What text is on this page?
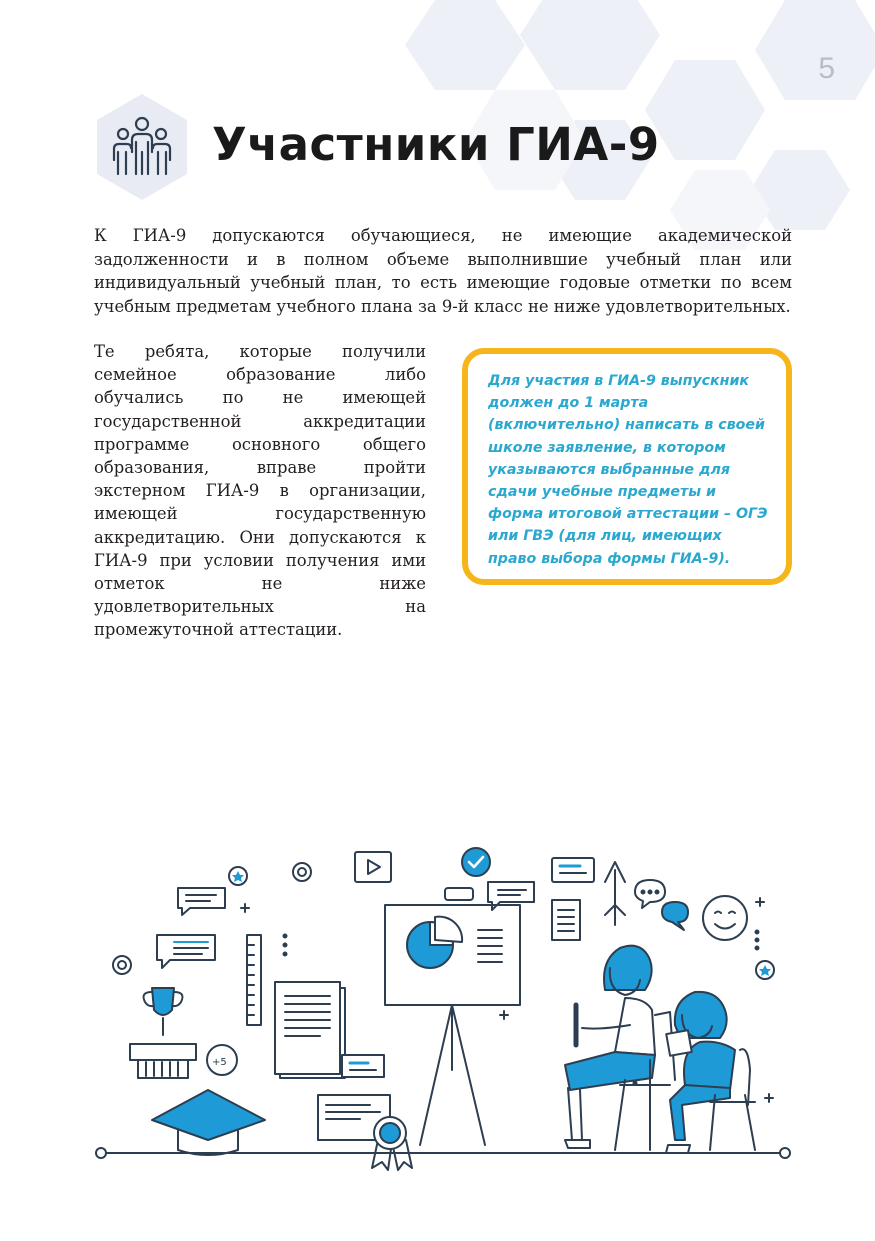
5
Участники ГИА-9

К ГИА-9 допускаются обучающиеся, не имеющие академической задолженности и в полном объеме выполнившие учебный план или индивидуальный учебный план, то есть имеющие годовые отметки по всем учебным предметам учебного плана за 9-й класс не ниже удовлетворительных.

Те ребята, которые получили семейное образование либо обучались по не имеющей государственной аккредитации программе основного общего образования, вправе пройти экстерном ГИА-9 в организации, имеющей государственную аккредитацию. Они допускаются к ГИА-9 при условии получения ими отметок не ниже удовлетворительных на промежуточной аттестации.

Для участия в ГИА-9 выпускник должен до 1 марта (включительно) написать в своей школе заявление, в котором указываются выбранные для сдачи учебные предметы и форма итоговой аттестации – ОГЭ или ГВЭ (для лиц, имеющих право выбора формы ГИА-9).

+5
